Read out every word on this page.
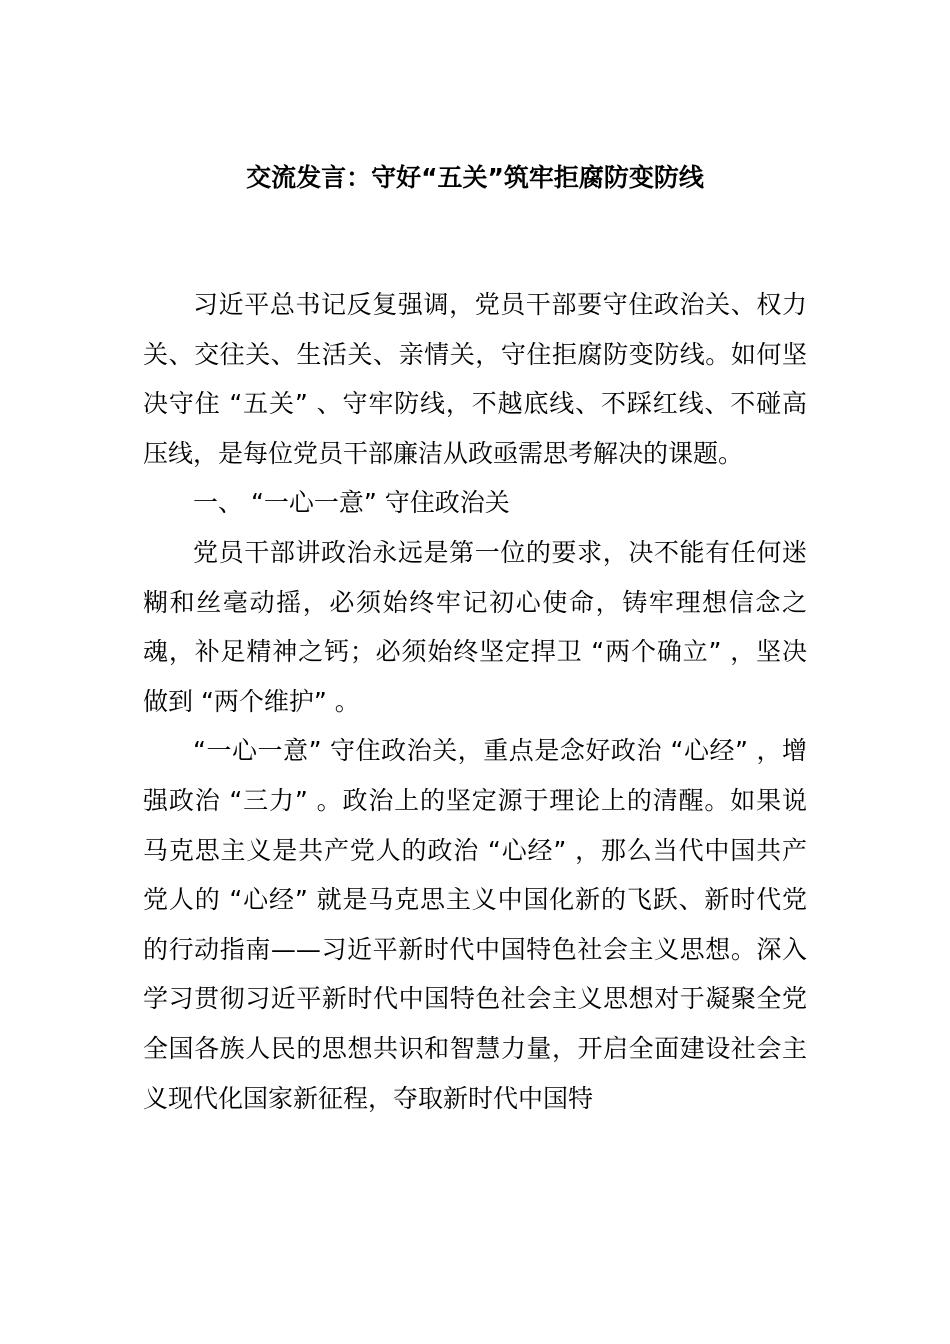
交流发言：守好“五关”筑牢拒腐防变防线

习近平总书记反复强调，党员干部要守住政治关、权力关、交往关、生活关、亲情关，守住拒腐防变防线。如何坚决守住 “五关” 、守牢防线，不越底线、不踩红线、不碰高压线，是每位党员干部廉洁从政亟需思考解决的课题。

一、 “一心一意” 守住政治关

党员干部讲政治永远是第一位的要求，决不能有任何迷糊和丝毫动摇，必须始终牢记初心使命，铸牢理想信念之魂，补足精神之钙；必须始终坚定捍卫 “两个确立” ，坚决做到 “两个维护” 。

“一心一意” 守住政治关，重点是念好政治 “心经” ，增强政治 “三力” 。政治上的坚定源于理论上的清醒。如果说马克思主义是共产党人的政治 “心经” ，那么当代中国共产党人的 “心经” 就是马克思主义中国化新的飞跃、新时代党的行动指南——习近平新时代中国特色社会主义思想。深入学习贯彻习近平新时代中国特色社会主义思想对于凝聚全党全国各族人民的思想共识和智慧力量，开启全面建设社会主义现代化国家新征程，夺取新时代中国特
